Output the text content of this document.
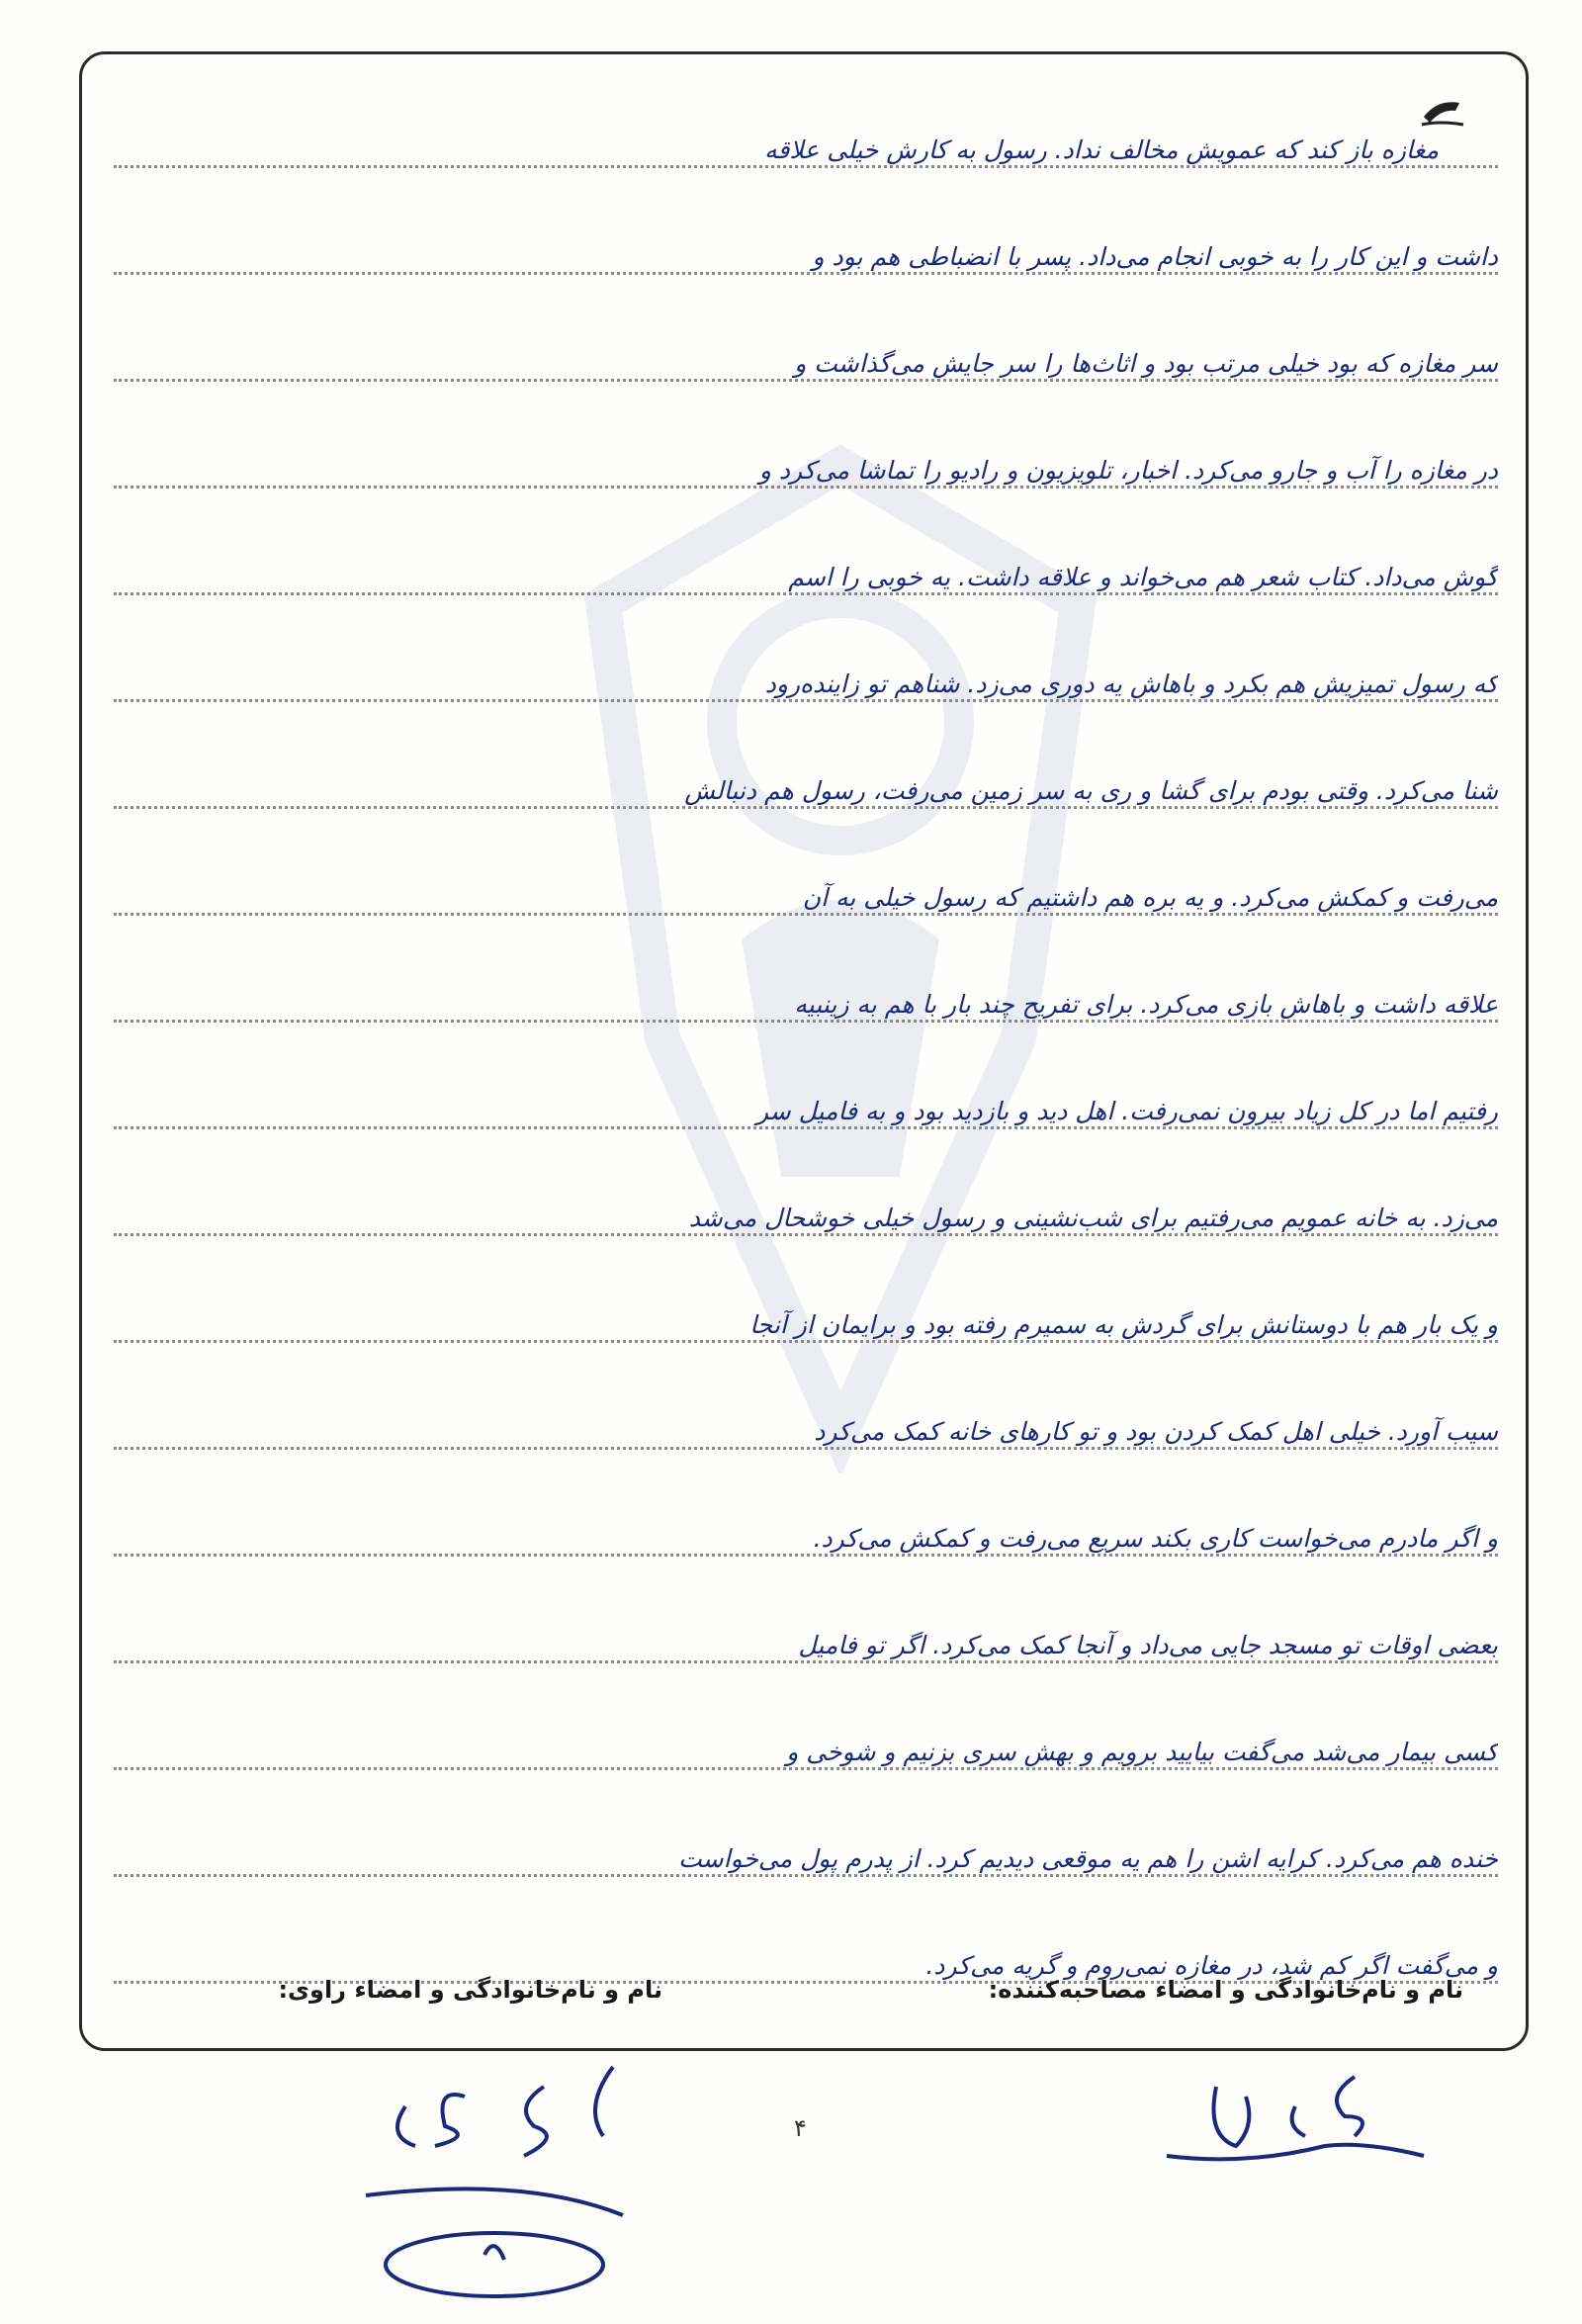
مغازه باز کند که عمویش مخالف نداد. رسول به کارش خیلی علاقه
داشت و این کار را به خوبی انجام می‌داد. پسر با انضباطی هم بود و
سر مغازه که بود خیلی مرتب بود و اثاث‌ها را سر جایش می‌گذاشت و
در مغازه را آب و جارو می‌کرد. اخبار، تلویزیون و رادیو را تماشا می‌کرد و
گوش می‌داد. کتاب شعر هم می‌خواند و علاقه داشت. یه خوبی را اسم
که رسول تمیزیش هم بکرد و باهاش یه دوری می‌زد. شناهم تو زاینده‌رود
شنا می‌کرد. وقتی بودم برای گشا و ری به سر زمین می‌رفت، رسول هم دنبالش
می‌رفت و کمکش می‌کرد. و یه بره هم داشتیم که رسول خیلی به آن
علاقه داشت و باهاش بازی می‌کرد. برای تفریح چند بار با هم به زینبیه
رفتیم اما در کل زیاد بیرون نمی‌رفت. اهل دید و بازدید بود و به فامیل سر
می‌زد. به خانه عمویم می‌رفتیم برای شب‌نشینی و رسول خیلی خوشحال می‌شد
و یک بار هم با دوستانش برای گردش به سمیرم رفته بود و برایمان از آنجا
سیب آورد. خیلی اهل کمک کردن بود و تو کارهای خانه کمک می‌کرد
و اگر مادرم می‌خواست کاری بکند سریع می‌رفت و کمکش می‌کرد.
بعضی اوقات تو مسجد جایی می‌داد و آنجا کمک می‌کرد. اگر تو فامیل
کسی بیمار می‌شد می‌گفت بیایید برویم و بهش سری بزنیم و شوخی و
خنده هم می‌کرد. کرایه اشن را هم یه موقعی دیدیم کرد. از پدرم پول می‌خواست
و می‌گفت اگر کم شد، در مغازه نمی‌روم و گریه می‌کرد.
نام و نام‌خانوادگی و امضاء مصاحبه‌کننده:
نام و نام‌خانوادگی و امضاء راوی:
۴
